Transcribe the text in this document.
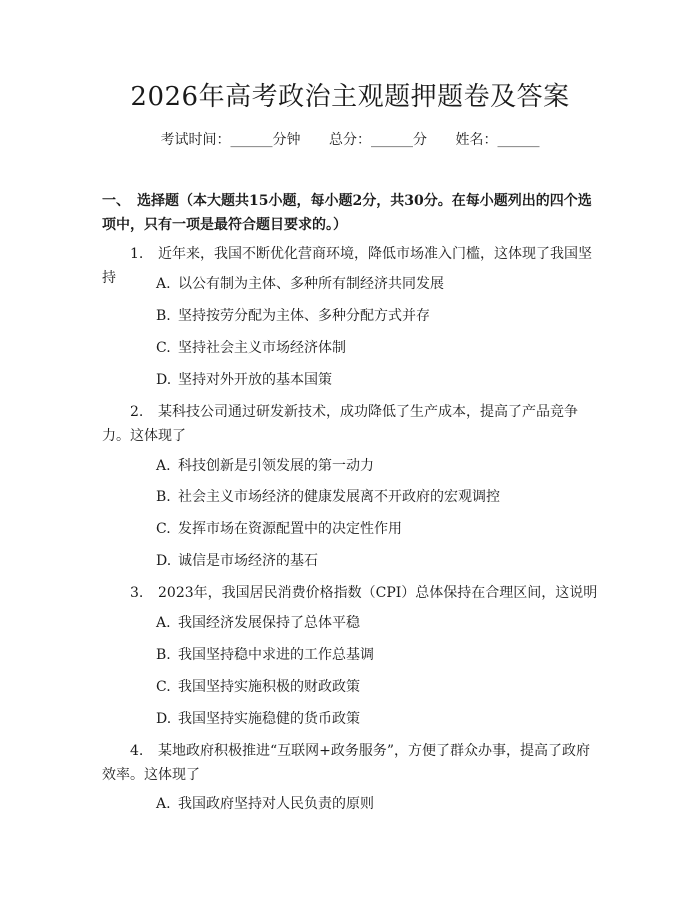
2026年高考政治主观题押题卷及答案
考试时间：______分钟 总分：______分 姓名：______
一、　选择题（本大题共15小题，每小题2分，共30分。在每小题列出的四个选项中，只有一项是最符合题目要求的。）
1. 近年来，我国不断优化营商环境，降低市场准入门槛，这体现了我国坚持	A. 以公有制为主体、多种所有制经济共同发展
B. 坚持按劳分配为主体、多种分配方式并存
C. 坚持社会主义市场经济体制
D. 坚持对外开放的基本国策
2. 某科技公司通过研发新技术，成功降低了生产成本，提高了产品竞争力。这体现了
A. 科技创新是引领发展的第一动力
B. 社会主义市场经济的健康发展离不开政府的宏观调控
C. 发挥市场在资源配置中的决定性作用
D. 诚信是市场经济的基石
3. 2023年，我国居民消费价格指数（CPI）总体保持在合理区间，这说明
A. 我国经济发展保持了总体平稳
B. 我国坚持稳中求进的工作总基调
C. 我国坚持实施积极的财政政策
D. 我国坚持实施稳健的货币政策
4. 某地政府积极推进“互联网+政务服务”，方便了群众办事，提高了政府效率。这体现了
A. 我国政府坚持对人民负责的原则
